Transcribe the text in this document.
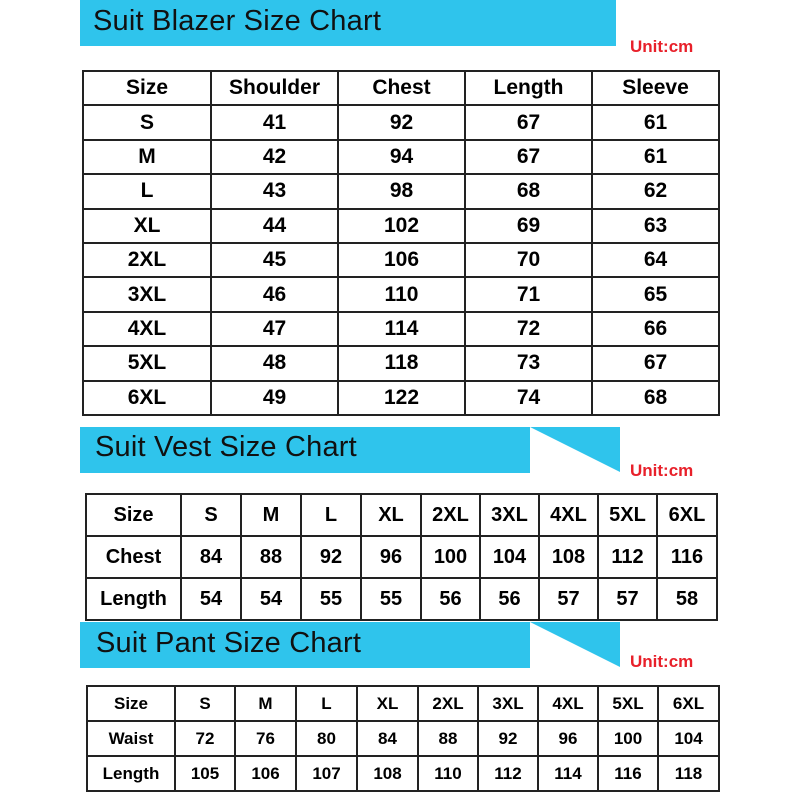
Suit Blazer Size Chart
Unit:cm
Size	Shoulder	Chest	Length	Sleeve
S	41	92	67	61
M	42	94	67	61
L	43	98	68	62
XL	44	102	69	63
2XL	45	106	70	64
3XL	46	110	71	65
4XL	47	114	72	66
5XL	48	118	73	67
6XL	49	122	74	68
Suit Vest Size Chart
Unit:cm
Size	S	M	L	XL	2XL	3XL	4XL	5XL	6XL
Chest	84	88	92	96	100	104	108	112	116
Length	54	54	55	55	56	56	57	57	58
Suit Pant Size Chart
Unit:cm
Size	S	M	L	XL	2XL	3XL	4XL	5XL	6XL
Waist	72	76	80	84	88	92	96	100	104
Length	105	106	107	108	110	112	114	116	118
